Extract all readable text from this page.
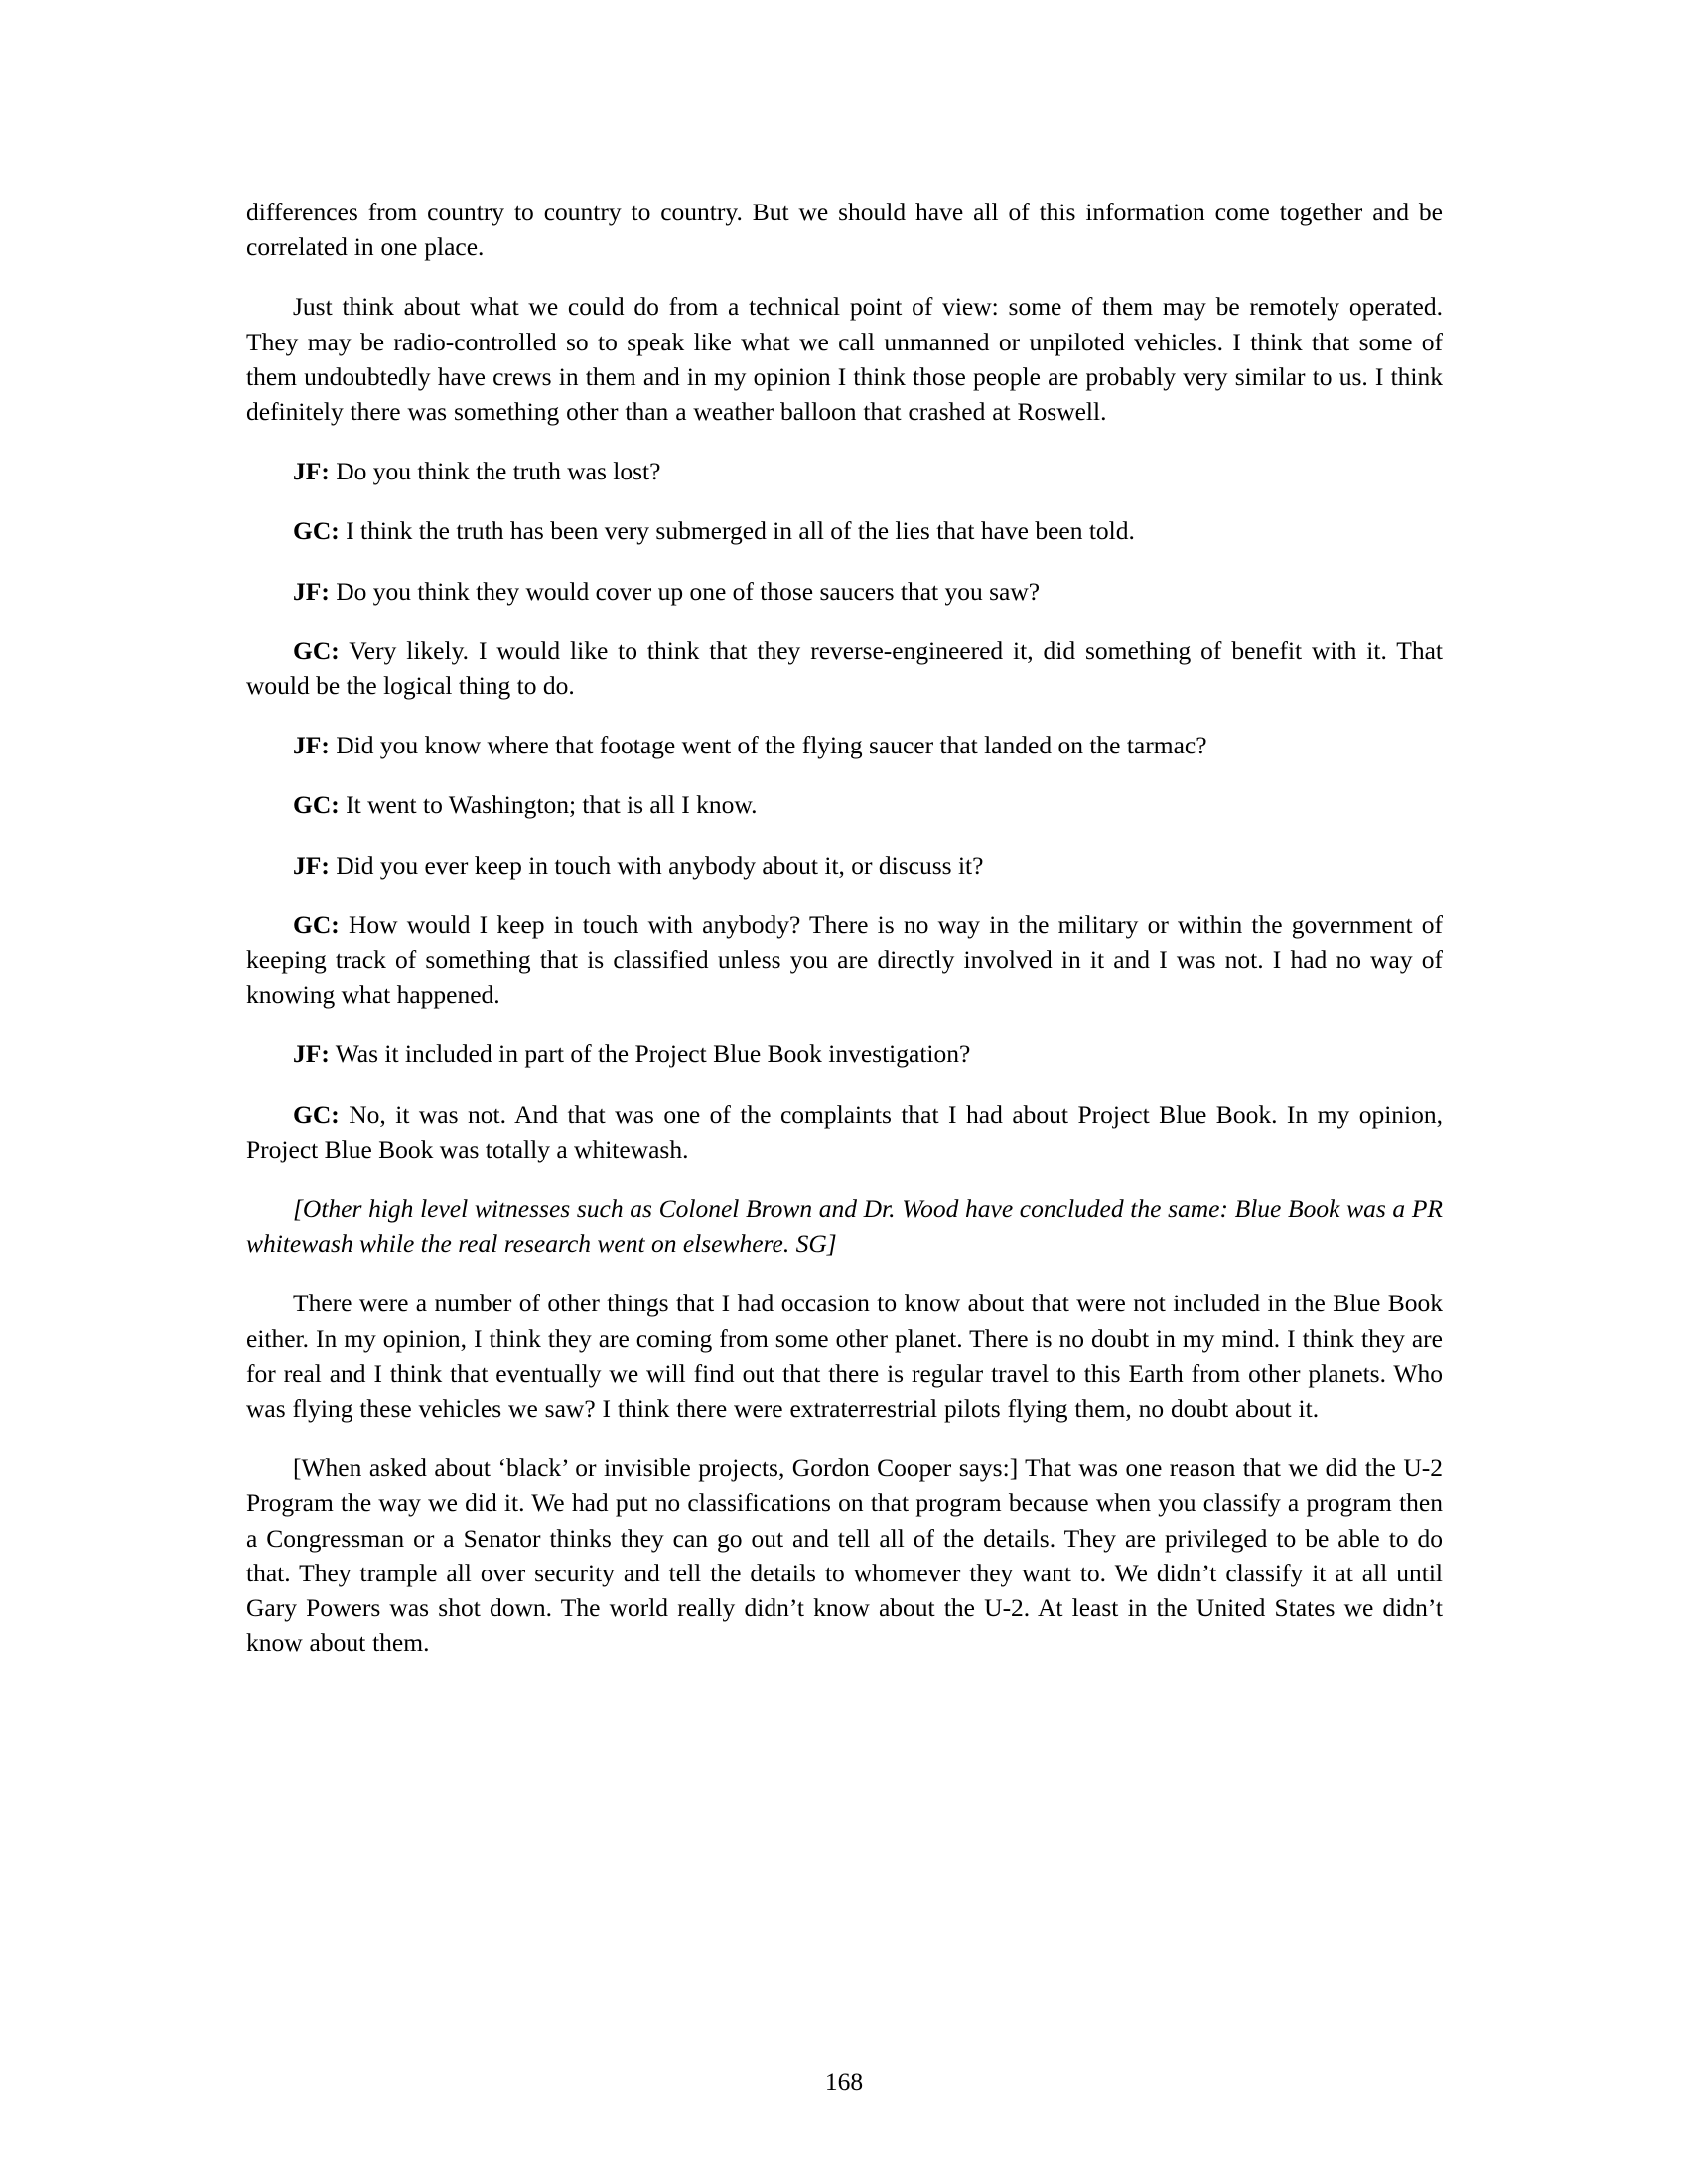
differences from country to country to country. But we should have all of this information come together and be correlated in one place.

Just think about what we could do from a technical point of view: some of them may be remotely operated. They may be radio-controlled so to speak like what we call unmanned or unpiloted vehicles. I think that some of them undoubtedly have crews in them and in my opinion I think those people are probably very similar to us. I think definitely there was something other than a weather balloon that crashed at Roswell.

JF: Do you think the truth was lost?

GC: I think the truth has been very submerged in all of the lies that have been told.

JF: Do you think they would cover up one of those saucers that you saw?

GC: Very likely. I would like to think that they reverse-engineered it, did something of benefit with it. That would be the logical thing to do.

JF: Did you know where that footage went of the flying saucer that landed on the tarmac?

GC: It went to Washington; that is all I know.

JF: Did you ever keep in touch with anybody about it, or discuss it?

GC: How would I keep in touch with anybody? There is no way in the military or within the government of keeping track of something that is classified unless you are directly involved in it and I was not. I had no way of knowing what happened.

JF: Was it included in part of the Project Blue Book investigation?

GC: No, it was not. And that was one of the complaints that I had about Project Blue Book. In my opinion, Project Blue Book was totally a whitewash.

[Other high level witnesses such as Colonel Brown and Dr. Wood have concluded the same: Blue Book was a PR whitewash while the real research went on elsewhere. SG]

There were a number of other things that I had occasion to know about that were not included in the Blue Book either. In my opinion, I think they are coming from some other planet. There is no doubt in my mind. I think they are for real and I think that eventually we will find out that there is regular travel to this Earth from other planets. Who was flying these vehicles we saw? I think there were extraterrestrial pilots flying them, no doubt about it.

[When asked about ‘black’ or invisible projects, Gordon Cooper says:] That was one reason that we did the U-2 Program the way we did it. We had put no classifications on that program because when you classify a program then a Congressman or a Senator thinks they can go out and tell all of the details. They are privileged to be able to do that. They trample all over security and tell the details to whomever they want to. We didn’t classify it at all until Gary Powers was shot down. The world really didn’t know about the U-2. At least in the United States we didn’t know about them.

168
